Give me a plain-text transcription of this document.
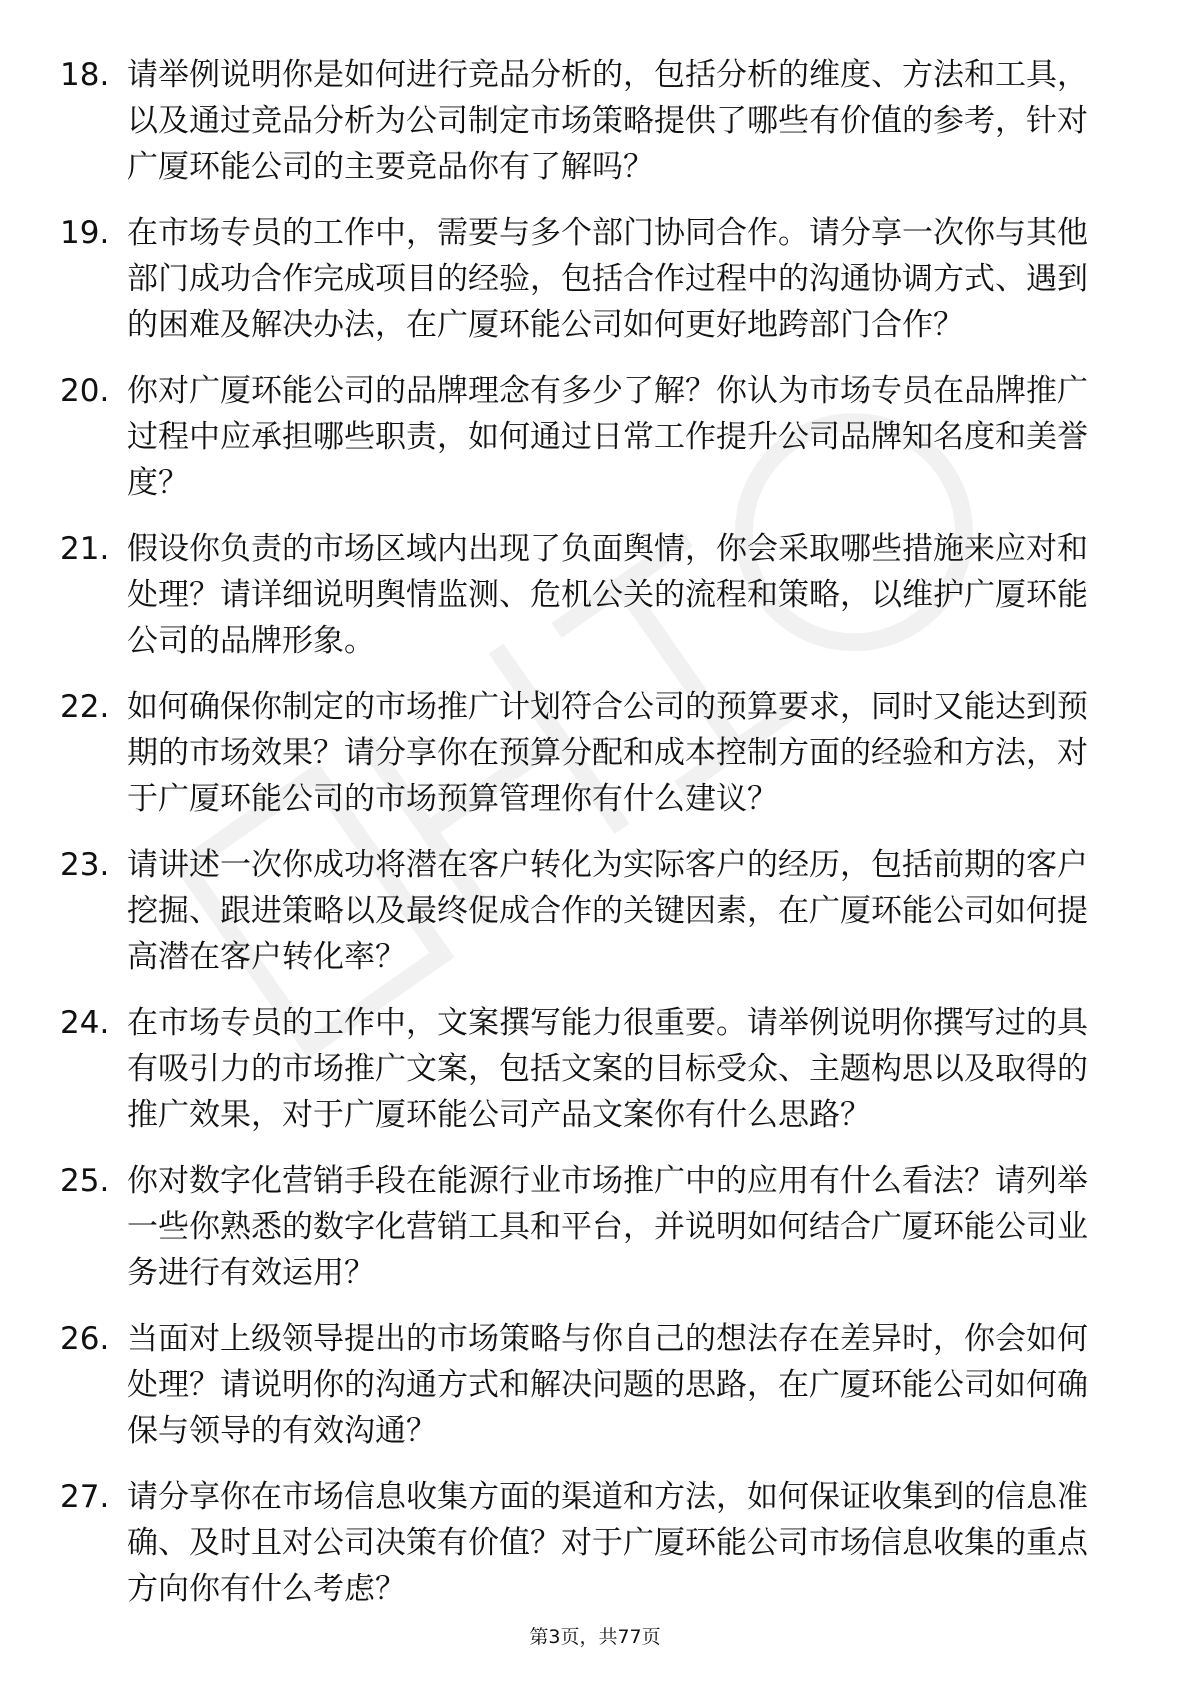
18. 请举例说明你是如何进行竞品分析的，包括分析的维度、方法和工具，以及通过竞品分析为公司制定市场策略提供了哪些有价值的参考，针对广厦环能公司的主要竞品你有了解吗？
19. 在市场专员的工作中，需要与多个部门协同合作。请分享一次你与其他部门成功合作完成项目的经验，包括合作过程中的沟通协调方式、遇到的困难及解决办法，在广厦环能公司如何更好地跨部门合作？
20. 你对广厦环能公司的品牌理念有多少了解？你认为市场专员在品牌推广过程中应承担哪些职责，如何通过日常工作提升公司品牌知名度和美誉度？
21. 假设你负责的市场区域内出现了负面舆情，你会采取哪些措施来应对和处理？请详细说明舆情监测、危机公关的流程和策略，以维护广厦环能公司的品牌形象。
22. 如何确保你制定的市场推广计划符合公司的预算要求，同时又能达到预期的市场效果？请分享你在预算分配和成本控制方面的经验和方法，对于广厦环能公司的市场预算管理你有什么建议？
23. 请讲述一次你成功将潜在客户转化为实际客户的经历，包括前期的客户挖掘、跟进策略以及最终促成合作的关键因素，在广厦环能公司如何提高潜在客户转化率？
24. 在市场专员的工作中，文案撰写能力很重要。请举例说明你撰写过的具有吸引力的市场推广文案，包括文案的目标受众、主题构思以及取得的推广效果，对于广厦环能公司产品文案你有什么思路？
25. 你对数字化营销手段在能源行业市场推广中的应用有什么看法？请列举一些你熟悉的数字化营销工具和平台，并说明如何结合广厦环能公司业务进行有效运用？
26. 当面对上级领导提出的市场策略与你自己的想法存在差异时，你会如何处理？请说明你的沟通方式和解决问题的思路，在广厦环能公司如何确保与领导的有效沟通？
27. 请分享你在市场信息收集方面的渠道和方法，如何保证收集到的信息准确、及时且对公司决策有价值？对于广厦环能公司市场信息收集的重点方向你有什么考虑？
第3页，共77页
